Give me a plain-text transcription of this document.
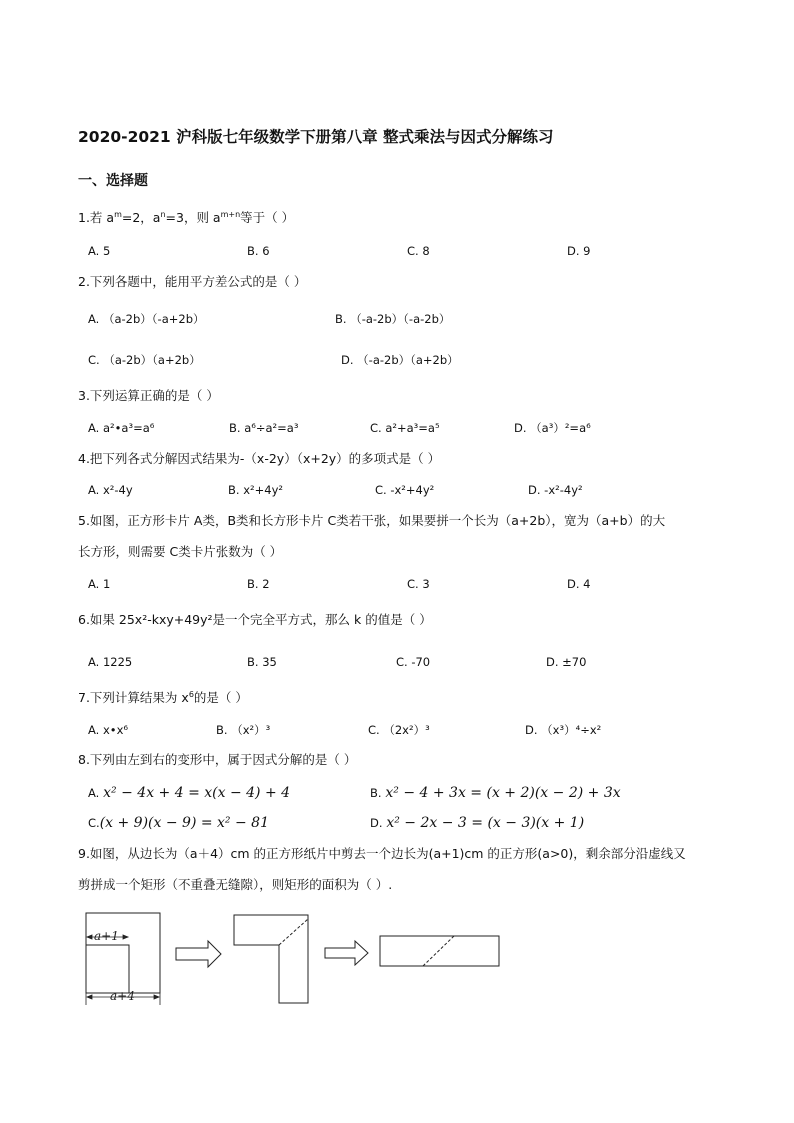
2020-2021 沪科版七年级数学下册第八章 整式乘法与因式分解练习
一、选择题
1.若 $a^m=2$，$a^n=3$，则 $a^{m+n}$等于（ ）
A. 5	B. 6	C. 8	D. 9
2.下列各题中，能用平方差公式的是（ ）
A. （a-2b）（-a+2b）	B. （-a-2b）（-a-2b）
C. （a-2b）（a+2b）	D. （-a-2b）（a+2b）
3.下列运算正确的是（ ）
A. a²•a³=a⁶	B. a⁶÷a²=a³	C. a²+a³=a⁵	D. （a³）²=a⁶
4.把下列各式分解因式结果为-（x-2y）（x+2y）的多项式是（ ）
A. x²-4y	B. x²+4y²	C. -x²+4y²	D. -x²-4y²
5.如图，正方形卡片 A类，B类和长方形卡片 C类若干张，如果要拼一个长为（a+2b），宽为（a+b）的大
长方形，则需要 C类卡片张数为（ ）
A. 1	B. 2	C. 3	D. 4
6.如果 25x²-kxy+49y²是一个完全平方式，那么 k 的值是（ ）
A. 1225	B. 35	C. -70	D. ±70
7.下列计算结果为 $x^6$的是（ ）
A. x•x⁶	B. （x²）³	C. （2x²）³	D. （x³）⁴÷x²
8.下列由左到右的变形中，属于因式分解的是（ ）
A. x² − 4x + 4 = x(x − 4) + 4	B. x² − 4 + 3x = (x + 2)(x − 2) + 3x
C.(x + 9)(x − 9) = x² − 81	D. x² − 2x − 3 = (x − 3)(x + 1)
9.如图，从边长为（a＋4）cm 的正方形纸片中剪去一个边长为(a+1)cm 的正方形(a>0)，剩余部分沿虚线又
剪拼成一个矩形（不重叠无缝隙），则矩形的面积为（ ）.
a+1
a+4
